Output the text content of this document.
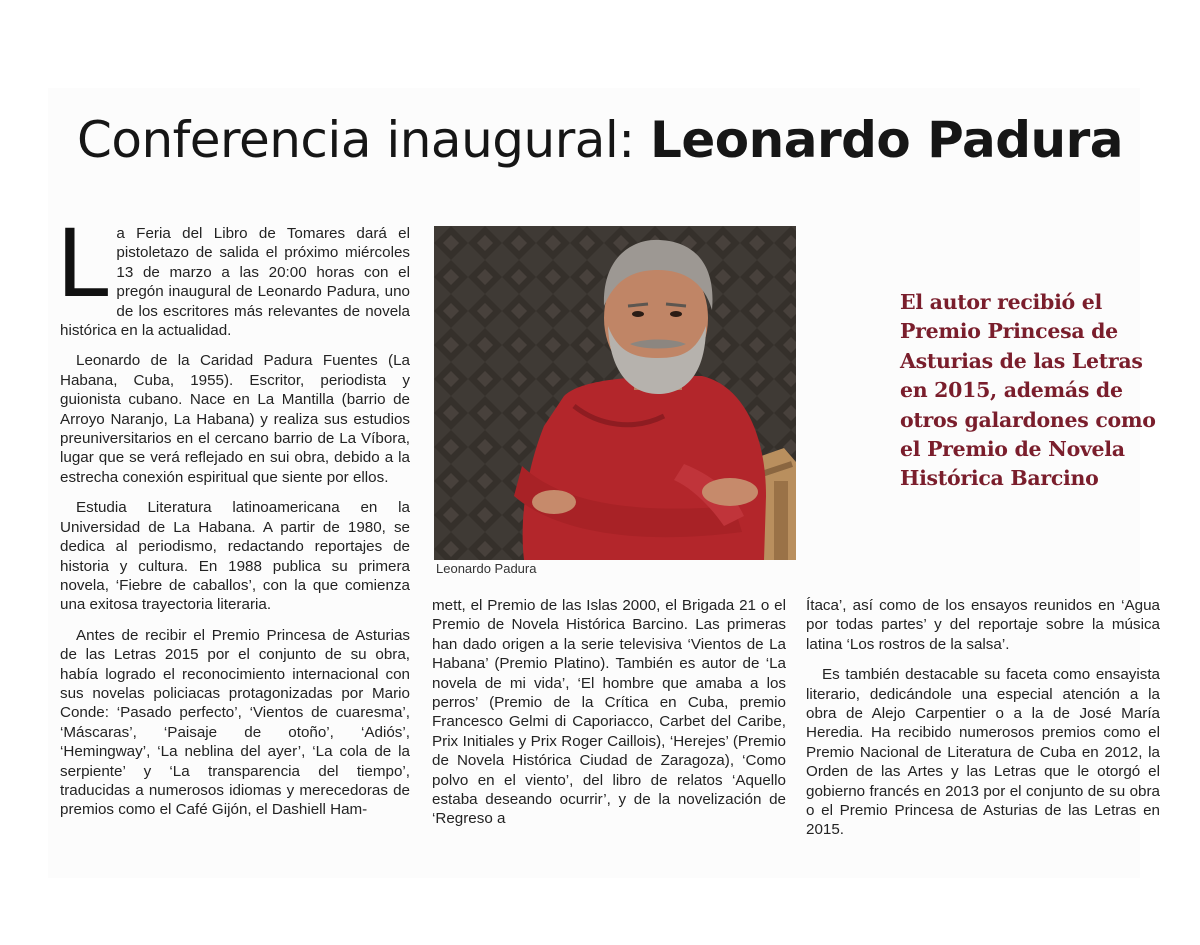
Conferencia inaugural: Leonardo Padura

La Feria del Libro de Tomares dará el pistoletazo de salida el próximo miércoles 13 de marzo a las 20:00 horas con el pregón inaugural de Leonardo Padura, uno de los escritores más relevantes de novela histórica en la actualidad.

Leonardo de la Caridad Padura Fuentes (La Habana, Cuba, 1955). Escritor, periodista y guionista cubano. Nace en La Mantilla (barrio de Arroyo Naranjo, La Habana) y realiza sus estudios preuniversitarios en el cercano barrio de La Víbora, lugar que se verá reflejado en sui obra, debido a la estrecha conexión espiritual que siente por ellos.

Estudia Literatura latinoamericana en la Universidad de La Habana. A partir de 1980, se dedica al periodismo, redactando reportajes de historia y cultura. En 1988 publica su primera novela, ‘Fiebre de caballos’, con la que comienza una exitosa trayectoria literaria.

Antes de recibir el Premio Princesa de Asturias de las Letras 2015 por el conjunto de su obra, había logrado el reconocimiento internacional con sus novelas policiacas protagonizadas por Mario Conde: ‘Pasado perfecto’, ‘Vientos de cuaresma’, ‘Máscaras’, ‘Paisaje de otoño’, ‘Adiós’, ‘Hemingway’, ‘La neblina del ayer’, ‘La cola de la serpiente’ y ‘La transparencia del tiempo’, traducidas a numerosos idiomas y merecedoras de premios como el Café Gijón, el Dashiell Ham-

Leonardo Padura
El autor recibió el Premio Princesa de Asturias de las Letras en 2015, además de otros galardones como el Premio de Novela Histórica Barcino

mett, el Premio de las Islas 2000, el Brigada 21 o el Premio de Novela Histórica Barcino. Las primeras han dado origen a la serie televisiva ‘Vientos de La Habana’ (Premio Platino). También es autor de ‘La novela de mi vida’, ‘El hombre que amaba a los perros’ (Premio de la Crítica en Cuba, premio Francesco Gelmi di Caporiacco, Carbet del Caribe, Prix Initiales y Prix Roger Caillois), ‘Herejes’ (Premio de Novela Histórica Ciudad de Zaragoza), ‘Como polvo en el viento’, del libro de relatos ‘Aquello estaba deseando ocurrir’, y de la novelización de ‘Regreso a

Ítaca’, así como de los ensayos reunidos en ‘Agua por todas partes’ y del reportaje sobre la música latina ‘Los rostros de la salsa’.

Es también destacable su faceta como ensayista literario, dedicándole una especial atención a la obra de Alejo Carpentier o a la de José María Heredia. Ha recibido numerosos premios como el Premio Nacional de Literatura de Cuba en 2012, la Orden de las Artes y las Letras que le otorgó el gobierno francés en 2013 por el conjunto de su obra o el Premio Princesa de Asturias de las Letras en 2015.
